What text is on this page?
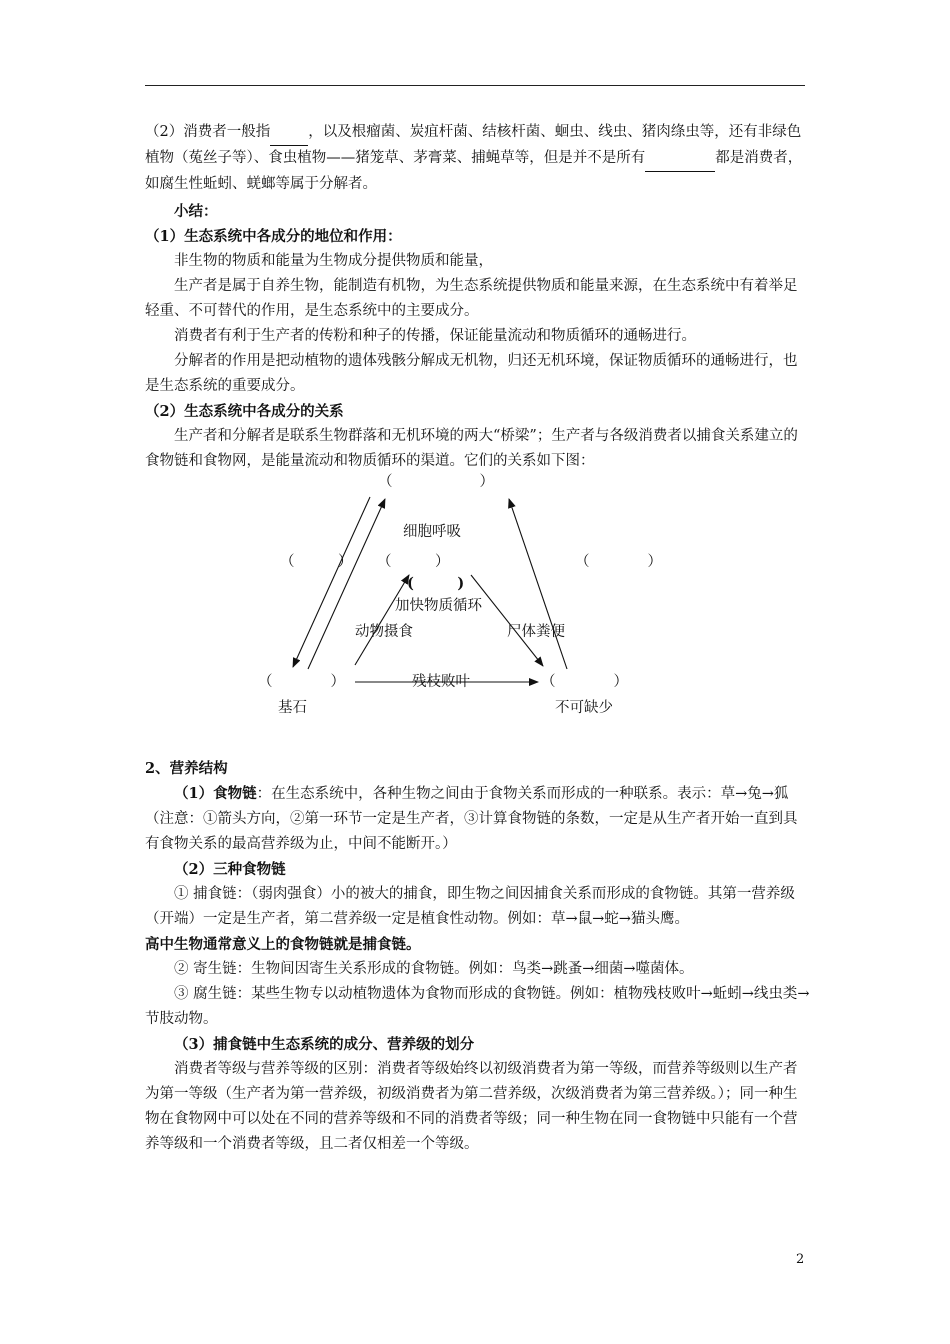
（2）消费者一般指	，以及根瘤菌、炭疽杆菌、结核杆菌、蛔虫、线虫、猪肉绦虫等，还有非绿色植物（菟丝子等）、食虫植物——猪笼草、茅膏菜、捕蝇草等，但是并不是所有	都是消费者，如腐生性蚯蚓、蜣螂等属于分解者。

小结：

（1）生态系统中各成分的地位和作用：

非生物的物质和能量为生物成分提供物质和能量，

生产者是属于自养生物，能制造有机物，为生态系统提供物质和能量来源，在生态系统中有着举足轻重、不可替代的作用，是生态系统中的主要成分。

消费者有利于生产者的传粉和种子的传播，保证能量流动和物质循环的通畅进行。

分解者的作用是把动植物的遗体残骸分解成无机物，归还无机环境，保证物质循环的通畅进行，也是生态系统的重要成分。

（2）生态系统中各成分的关系

生产者和分解者是联系生物群落和无机环境的两大“桥梁”；生产者与各级消费者以捕食关系建立的食物链和食物网，是能量流动和物质循环的渠道。它们的关系如下图：

（　　　　　　）
细胞呼吸
（　　　） （　　　）	（　　　　）
(　　　)
加快物质循环
动物摄食	尸体粪便
（　　　　）	残枝败叶	（　　　　）
基石	不可缺少

2、营养结构

（1）食物链：在生态系统中，各种生物之间由于食物关系而形成的一种联系。表示：草→兔→狐（注意：①箭头方向，②第一环节一定是生产者，③计算食物链的条数，一定是从生产者开始一直到具有食物关系的最高营养级为止，中间不能断开。）

（2）三种食物链

① 捕食链：（弱肉强食）小的被大的捕食，即生物之间因捕食关系而形成的食物链。其第一营养级（开端）一定是生产者，第二营养级一定是植食性动物。例如：草→鼠→蛇→猫头鹰。

高中生物通常意义上的食物链就是捕食链。

② 寄生链：生物间因寄生关系形成的食物链。例如：鸟类→跳蚤→细菌→噬菌体。

③ 腐生链：某些生物专以动植物遗体为食物而形成的食物链。例如：植物残枝败叶→蚯蚓→线虫类→节肢动物。

（3）捕食链中生态系统的成分、营养级的划分

消费者等级与营养等级的区别：消费者等级始终以初级消费者为第一等级，而营养等级则以生产者为第一等级（生产者为第一营养级，初级消费者为第二营养级，次级消费者为第三营养级。）；同一种生物在食物网中可以处在不同的营养等级和不同的消费者等级；同一种生物在同一食物链中只能有一个营养等级和一个消费者等级，且二者仅相差一个等级。

2
